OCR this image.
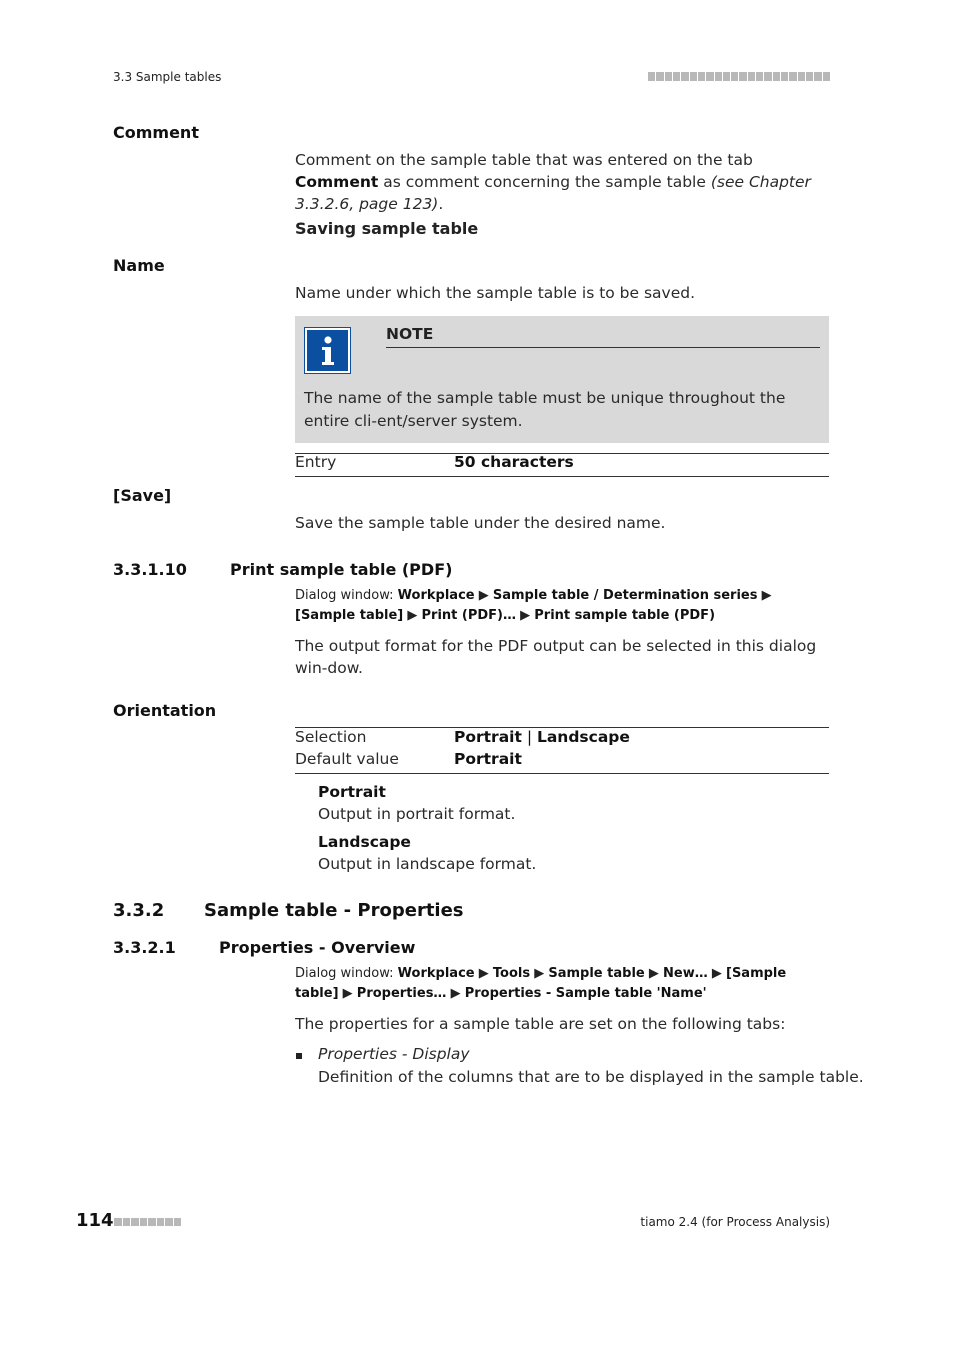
3.3 Sample tables
Comment
Comment on the sample table that was entered on the tab Comment as comment concerning the sample table (see Chapter 3.3.2.6, page 123).
Saving sample table
Name
Name under which the sample table is to be saved.
NOTE
The name of the sample table must be unique throughout the entire cli-ent/server system.
Entry	50 characters
[Save]
Save the sample table under the desired name.
3.3.1.10	Print sample table (PDF)
Dialog window: Workplace ▶ Sample table / Determination series ▶ [Sample table] ▶ Print (PDF)… ▶ Print sample table (PDF)
The output format for the PDF output can be selected in this dialog win-dow.
Orientation
Selection	Portrait | Landscape
Default value	Portrait
Portrait
Output in portrait format.
Landscape
Output in landscape format.
3.3.2 Sample table - Properties
3.3.2.1	Properties - Overview
Dialog window: Workplace ▶ Tools ▶ Sample table ▶ New… ▶ [Sample table] ▶ Properties… ▶ Properties - Sample table 'Name'
The properties for a sample table are set on the following tabs:
Properties - Display
Definition of the columns that are to be displayed in the sample table.
114	tiamo 2.4 (for Process Analysis)
